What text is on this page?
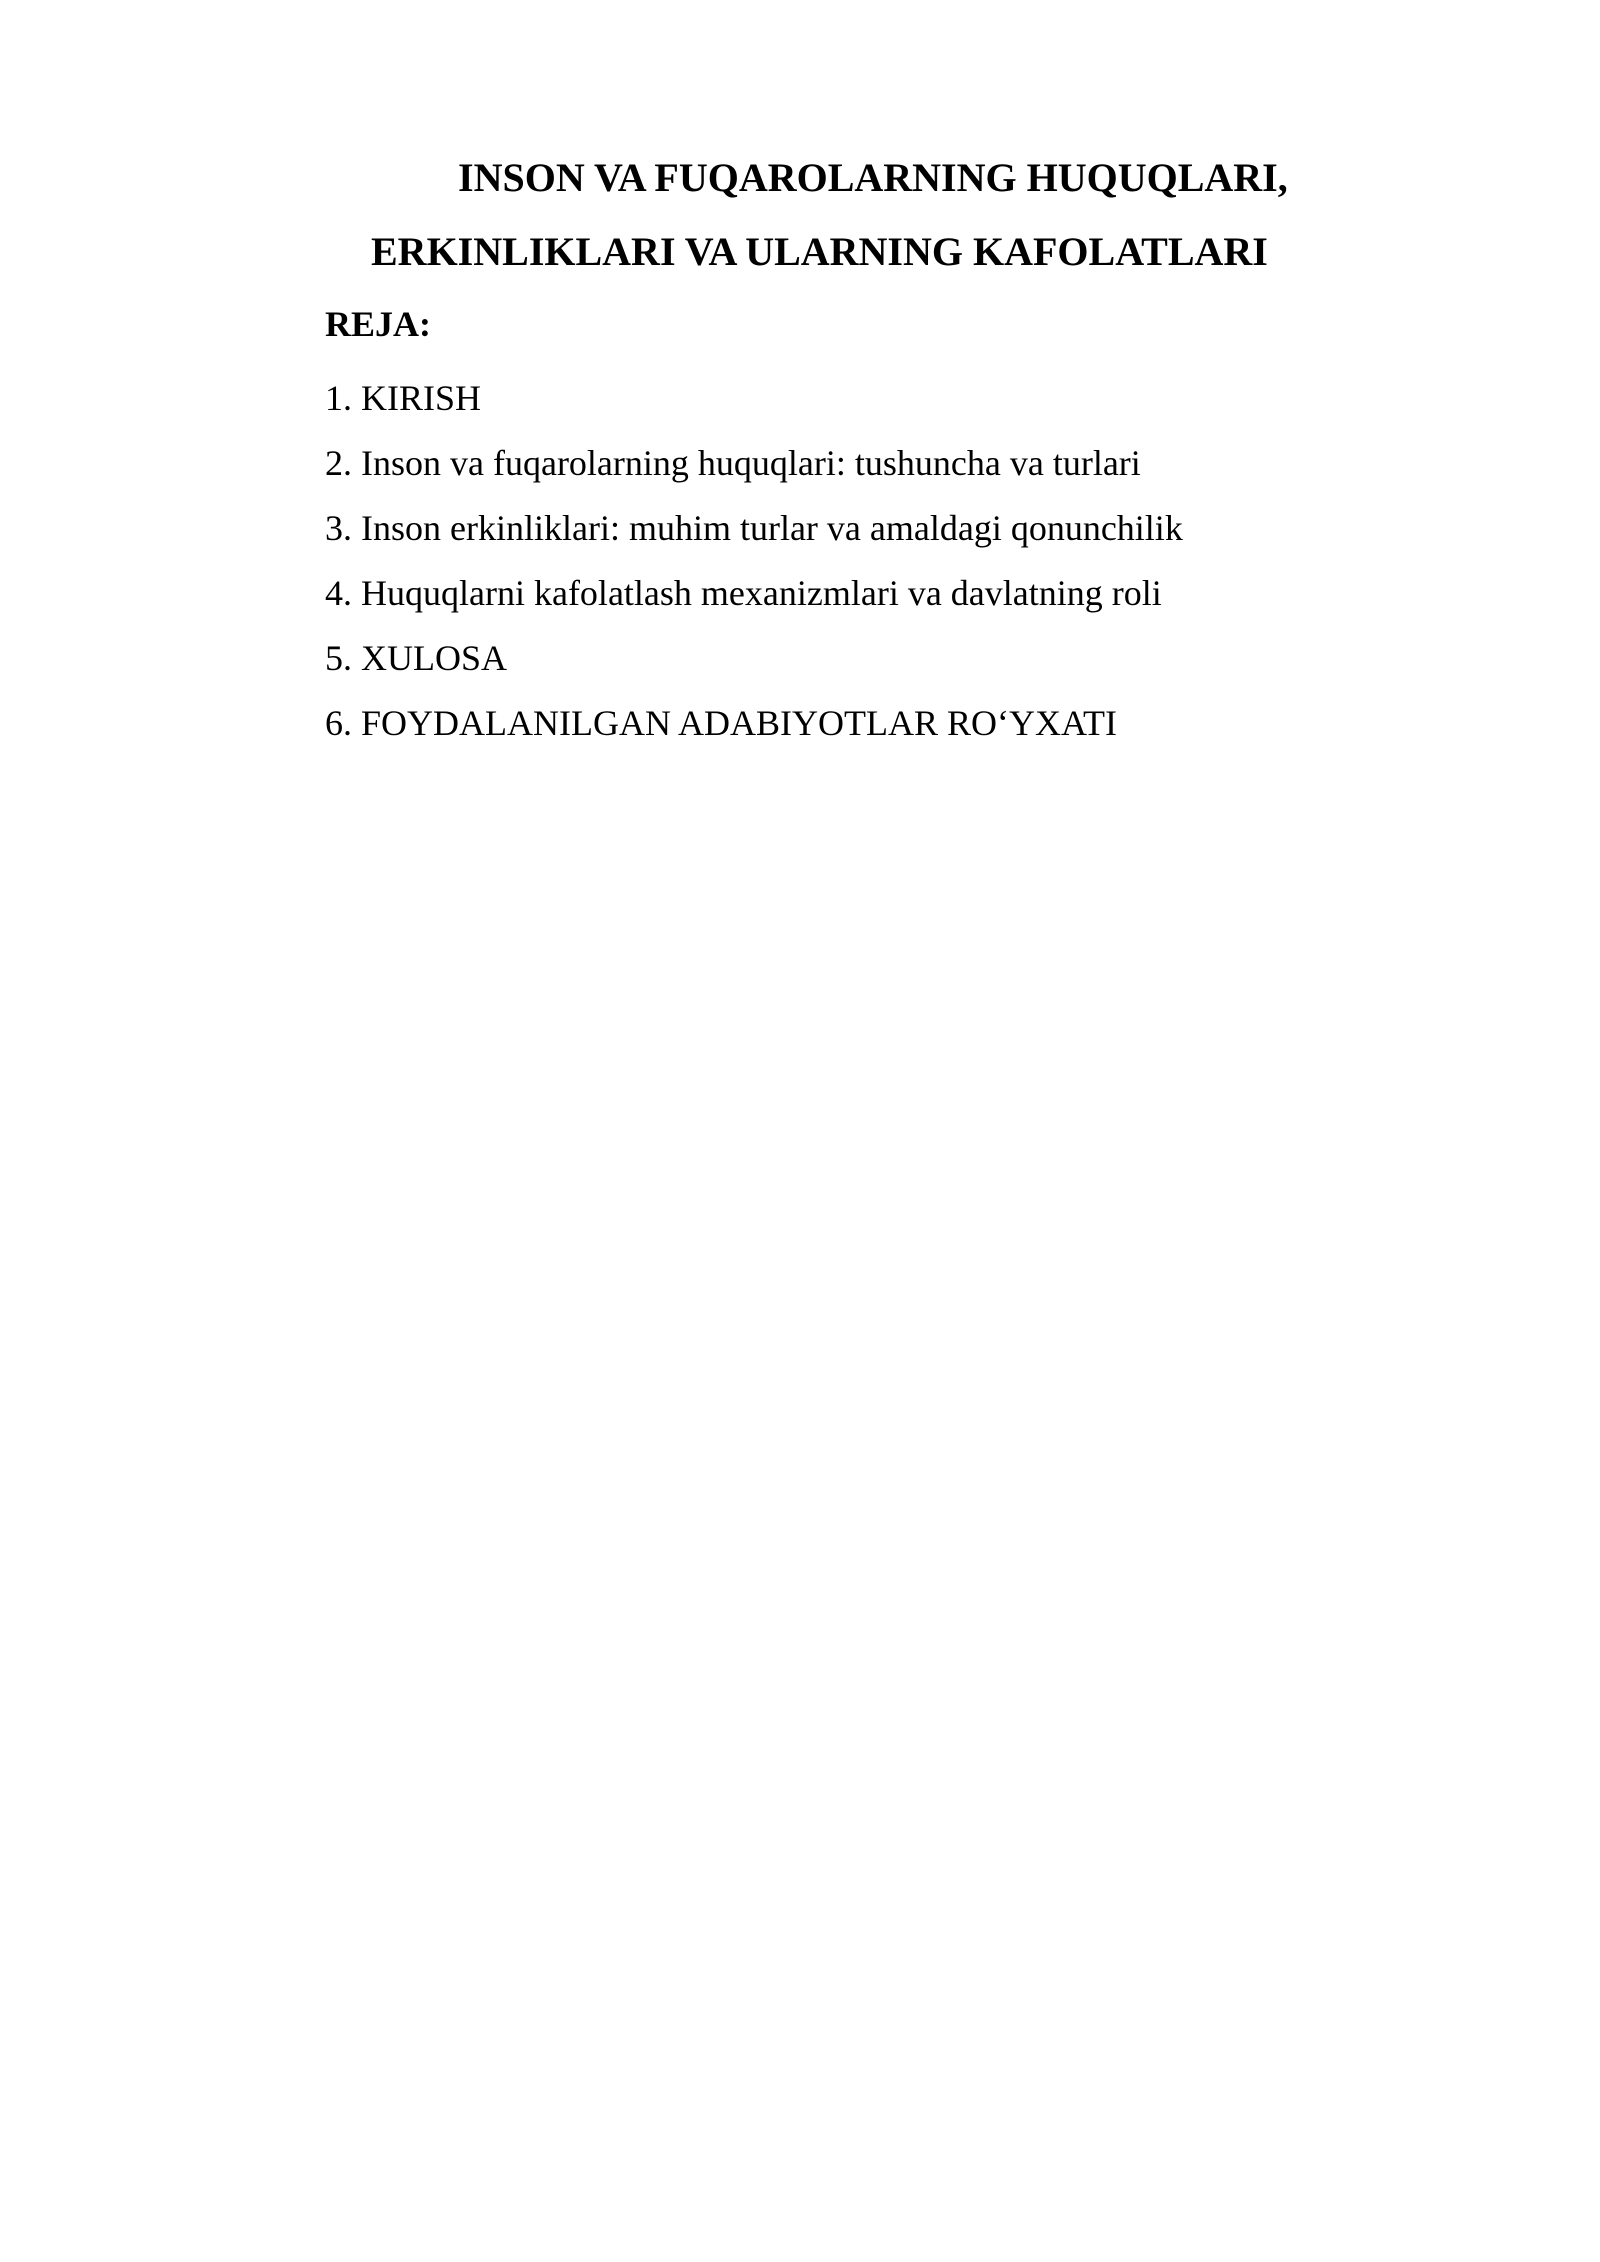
INSON VA FUQAROLARNING HUQUQLARI,
ERKINLIKLARI VA ULARNING KAFOLATLARI
REJA:
1. KIRISH
2. Inson va fuqarolarning huquqlari: tushuncha va turlari
3. Inson erkinliklari: muhim turlar va amaldagi qonunchilik
4. Huquqlarni kafolatlash mexanizmlari va davlatning roli
5. XULOSA
6. FOYDALANILGAN ADABIYOTLAR RO‘YXATI
